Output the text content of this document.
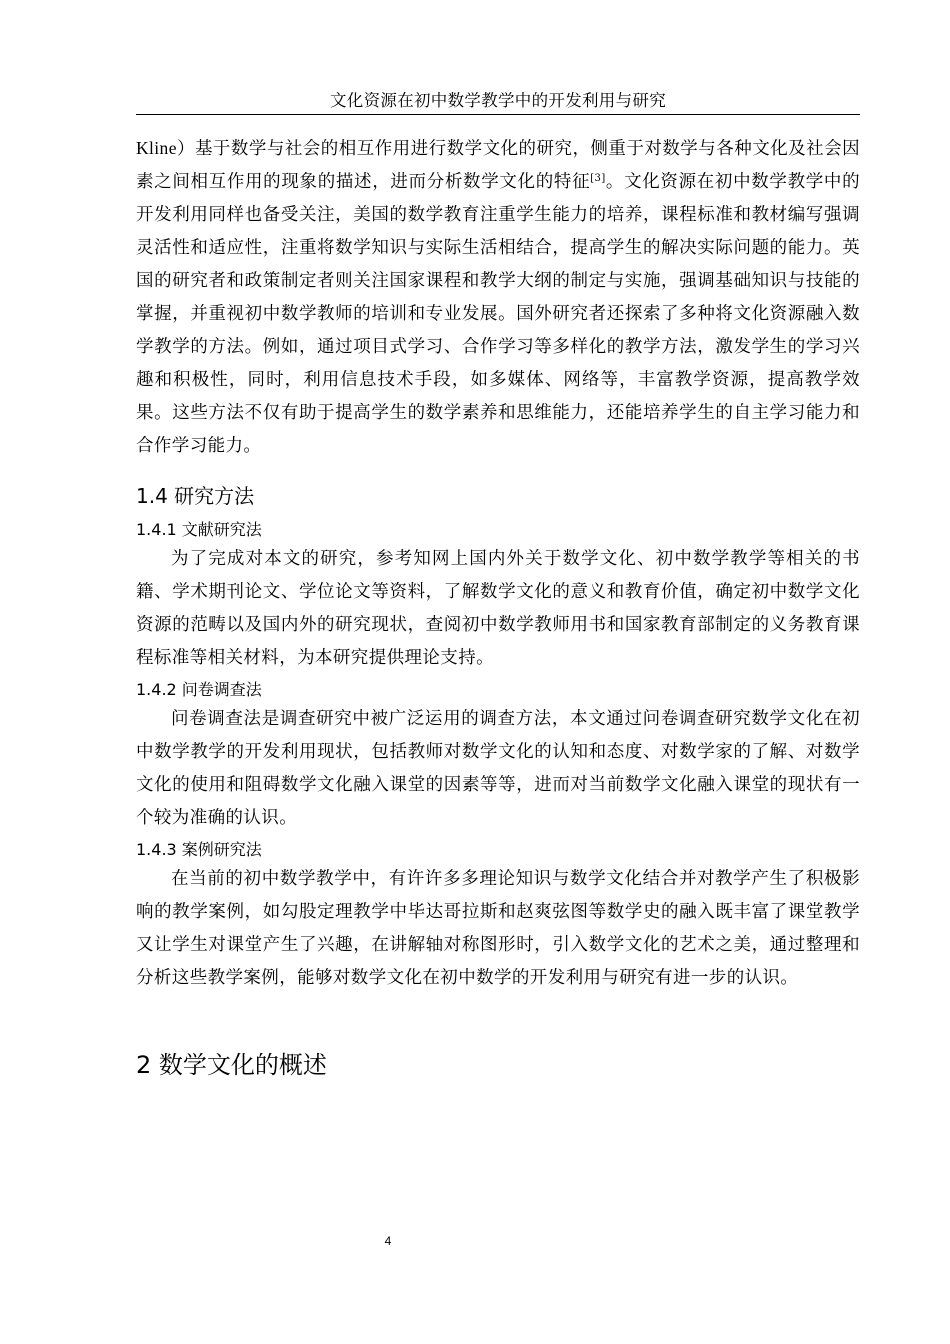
文化资源在初中数学教学中的开发利用与研究

Kline）基于数学与社会的相互作用进行数学文化的研究，侧重于对数学与各种文化及社会因素之间相互作用的现象的描述，进而分析数学文化的特征[3]。文化资源在初中数学教学中的开发利用同样也备受关注，美国的数学教育注重学生能力的培养，课程标准和教材编写强调灵活性和适应性，注重将数学知识与实际生活相结合，提高学生的解决实际问题的能力。英国的研究者和政策制定者则关注国家课程和教学大纲的制定与实施，强调基础知识与技能的掌握，并重视初中数学教师的培训和专业发展。国外研究者还探索了多种将文化资源融入数学教学的方法。例如，通过项目式学习、合作学习等多样化的教学方法，激发学生的学习兴趣和积极性，同时，利用信息技术手段，如多媒体、网络等，丰富教学资源，提高教学效果。这些方法不仅有助于提高学生的数学素养和思维能力，还能培养学生的自主学习能力和合作学习能力。

1.4 研究方法
1.4.1 文献研究法

为了完成对本文的研究，参考知网上国内外关于数学文化、初中数学教学等相关的书籍、学术期刊论文、学位论文等资料，了解数学文化的意义和教育价值，确定初中数学文化资源的范畴以及国内外的研究现状，查阅初中数学教师用书和国家教育部制定的义务教育课程标准等相关材料，为本研究提供理论支持。

1.4.2 问卷调查法

问卷调查法是调查研究中被广泛运用的调查方法，本文通过问卷调查研究数学文化在初中数学教学的开发利用现状，包括教师对数学文化的认知和态度、对数学家的了解、对数学文化的使用和阻碍数学文化融入课堂的因素等等，进而对当前数学文化融入课堂的现状有一个较为准确的认识。

1.4.3 案例研究法

在当前的初中数学教学中，有许许多多理论知识与数学文化结合并对教学产生了积极影响的教学案例，如勾股定理教学中毕达哥拉斯和赵爽弦图等数学史的融入既丰富了课堂教学又让学生对课堂产生了兴趣，在讲解轴对称图形时，引入数学文化的艺术之美，通过整理和分析这些教学案例，能够对数学文化在初中数学的开发利用与研究有进一步的认识。

2 数学文化的概述
4
